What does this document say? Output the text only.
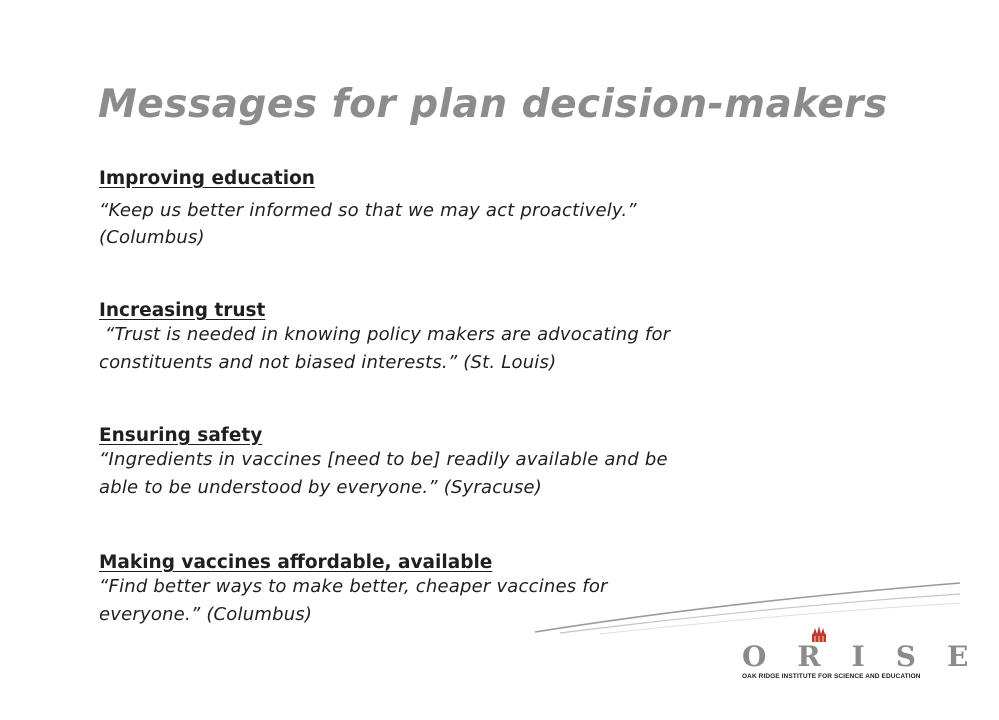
Messages for plan decision-makers
Improving education
“Keep us better informed so that we may act proactively.”
(Columbus)
Increasing trust
“Trust is needed in knowing policy makers are advocating for
constituents and not biased interests.” (St. Louis)
Ensuring safety
“Ingredients in vaccines [need to be] readily available and be
able to be understood by everyone.” (Syracuse)
Making vaccines affordable, available
“Find better ways to make better, cheaper vaccines for
everyone.” (Columbus)
ORISE
OAK RIDGE INSTITUTE FOR SCIENCE AND EDUCATION
